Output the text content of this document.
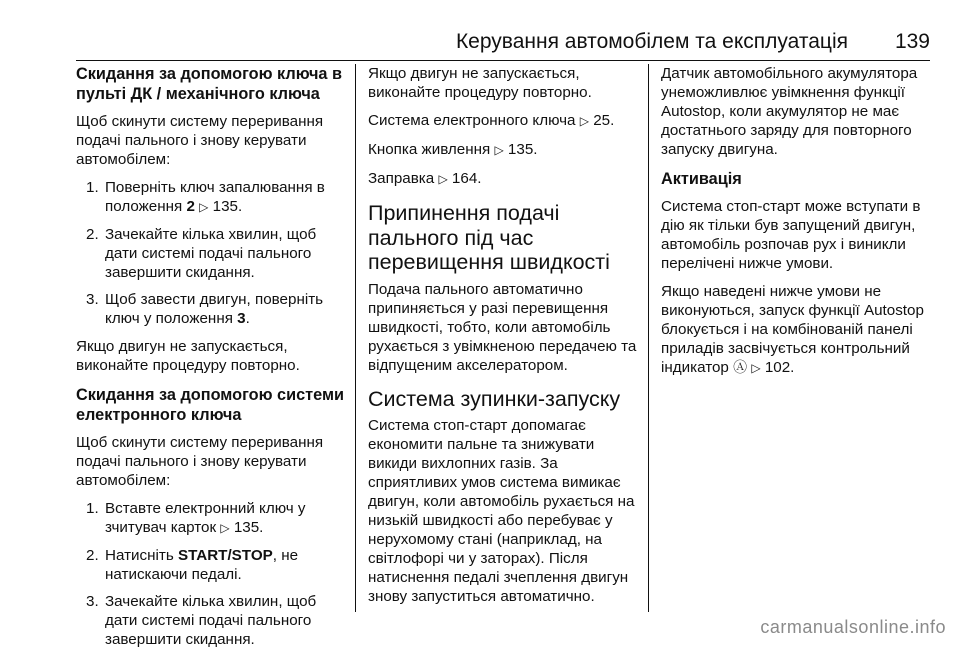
Керування автомобілем та експлуатація 139
Скидання за допомогою ключа в пульті ДК / механічного ключа

Щоб скинути систему переривання подачі пального і знову керувати автомобілем:

1. Поверніть ключ запалювання в положення 2 ▷ 135.
2. Зачекайте кілька хвилин, щоб дати системі подачі пального завершити скидання.
3. Щоб завести двигун, поверніть ключ у положення 3.

Якщо двигун не запускається, виконайте процедуру повторно.

Скидання за допомогою системи електронного ключа

Щоб скинути систему переривання подачі пального і знову керувати автомобілем:

1. Вставте електронний ключ у зчитувач карток ▷ 135.
2. Натисніть START/STOP, не натискаючи педалі.
3. Зачекайте кілька хвилин, щоб дати системі подачі пального завершити скидання.

Якщо двигун не запускається, виконайте процедуру повторно.

Система електронного ключа ▷ 25.

Кнопка живлення ▷ 135.

Заправка ▷ 164.

Припинення подачі пального під час перевищення швидкості

Подача пального автоматично припиняється у разі перевищення швидкості, тобто, коли автомобіль рухається з увімкненою передачею та відпущеним акселератором.

Система зупинки-запуску

Система стоп-старт допомагає економити пальне та знижувати викиди вихлопних газів. За сприятливих умов система вимикає двигун, коли автомобіль рухається на низькій швидкості або перебуває у нерухомому стані (наприклад, на світлофорі чи у заторах). Після натиснення педалі зчеплення двигун знову запуститься автоматично.

Датчик автомобільного акумулятора унеможливлює увімкнення функції Autostop, коли акумулятор не має достатнього заряду для повторного запуску двигуна.

Активація

Система стоп-старт може вступати в дію як тільки був запущений двигун, автомобіль розпочав рух і виникли перелічені нижче умови.

Якщо наведені нижче умови не виконуються, запуск функції Autostop блокується і на комбінованій панелі приладів засвічується контрольний індикатор Ⓐ ▷ 102.

carmanualsonline.info
